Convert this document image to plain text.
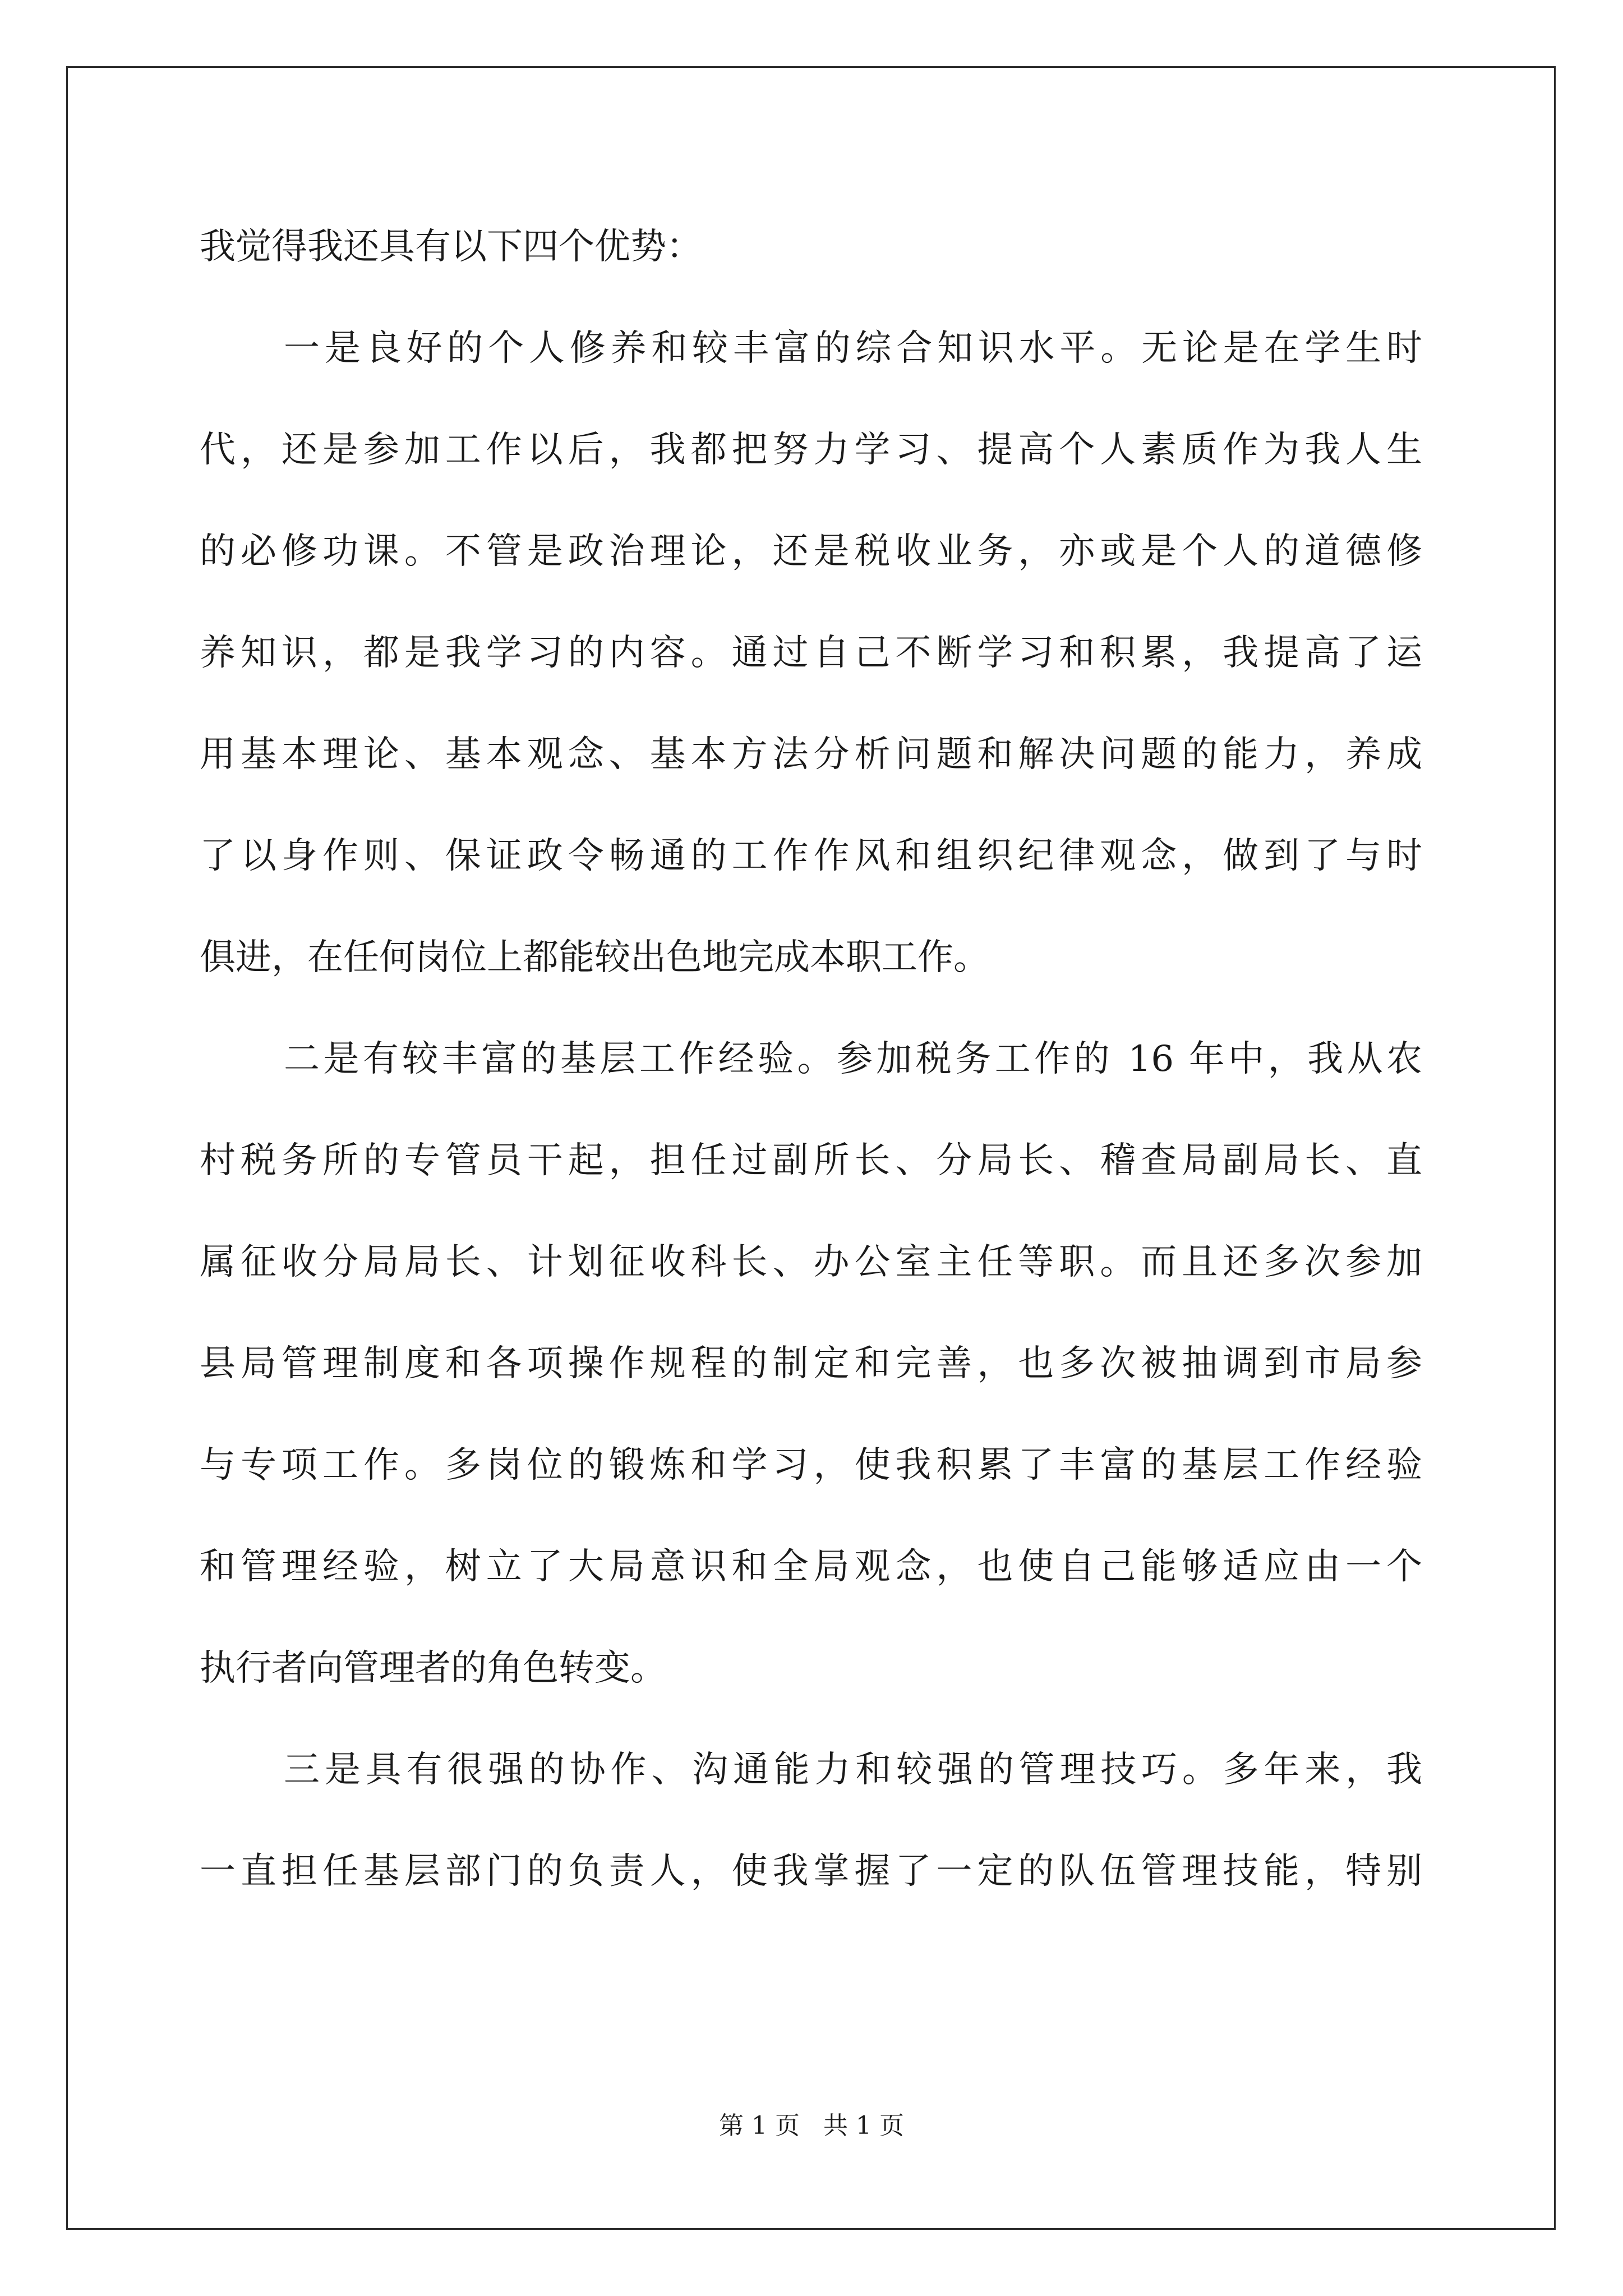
我觉得我还具有以下四个优势：
一是良好的个人修养和较丰富的综合知识水平。无论是在学生时
代，还是参加工作以后，我都把努力学习、提高个人素质作为我人生
的必修功课。不管是政治理论，还是税收业务，亦或是个人的道德修
养知识，都是我学习的内容。通过自己不断学习和积累，我提高了运
用基本理论、基本观念、基本方法分析问题和解决问题的能力，养成
了以身作则、保证政令畅通的工作作风和组织纪律观念，做到了与时
俱进，在任何岗位上都能较出色地完成本职工作。
二是有较丰富的基层工作经验。参加税务工作的 16 年中，我从农
村税务所的专管员干起，担任过副所长、分局长、稽查局副局长、直
属征收分局局长、计划征收科长、办公室主任等职。而且还多次参加
县局管理制度和各项操作规程的制定和完善，也多次被抽调到市局参
与专项工作。多岗位的锻炼和学习，使我积累了丰富的基层工作经验
和管理经验，树立了大局意识和全局观念，也使自己能够适应由一个
执行者向管理者的角色转变。
三是具有很强的协作、沟通能力和较强的管理技巧。多年来，我
一直担任基层部门的负责人，使我掌握了一定的队伍管理技能，特别
第 1 页   共 1 页
